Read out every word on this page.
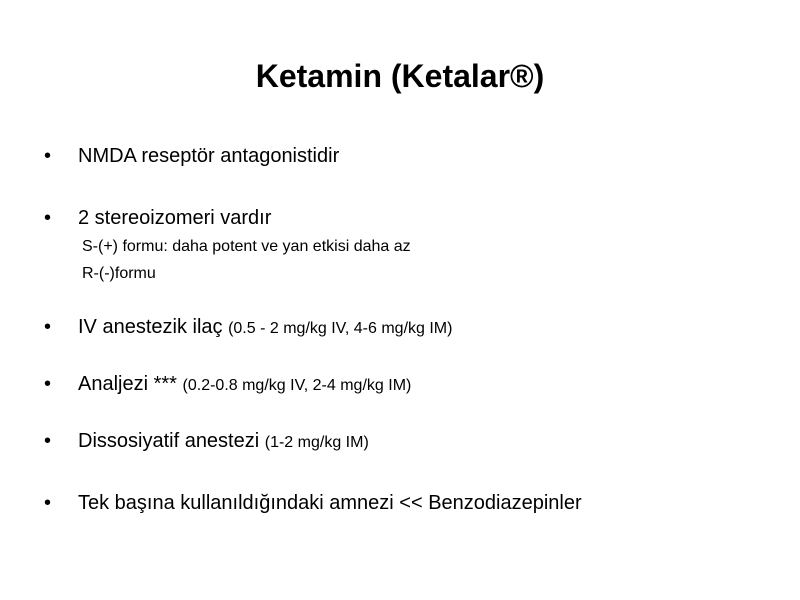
Ketamin (Ketalar®)
• NMDA reseptör antagonistidir
• 2 stereoizomeri vardır
S-(+) formu: daha potent ve yan etkisi daha az
R-(-)formu
• IV anestezik ilaç (0.5 - 2 mg/kg IV, 4-6 mg/kg IM)
• Analjezi *** (0.2-0.8 mg/kg IV, 2-4 mg/kg IM)
• Dissosiyatif anestezi (1-2 mg/kg IM)
• Tek başına kullanıldığındaki amnezi << Benzodiazepinler
